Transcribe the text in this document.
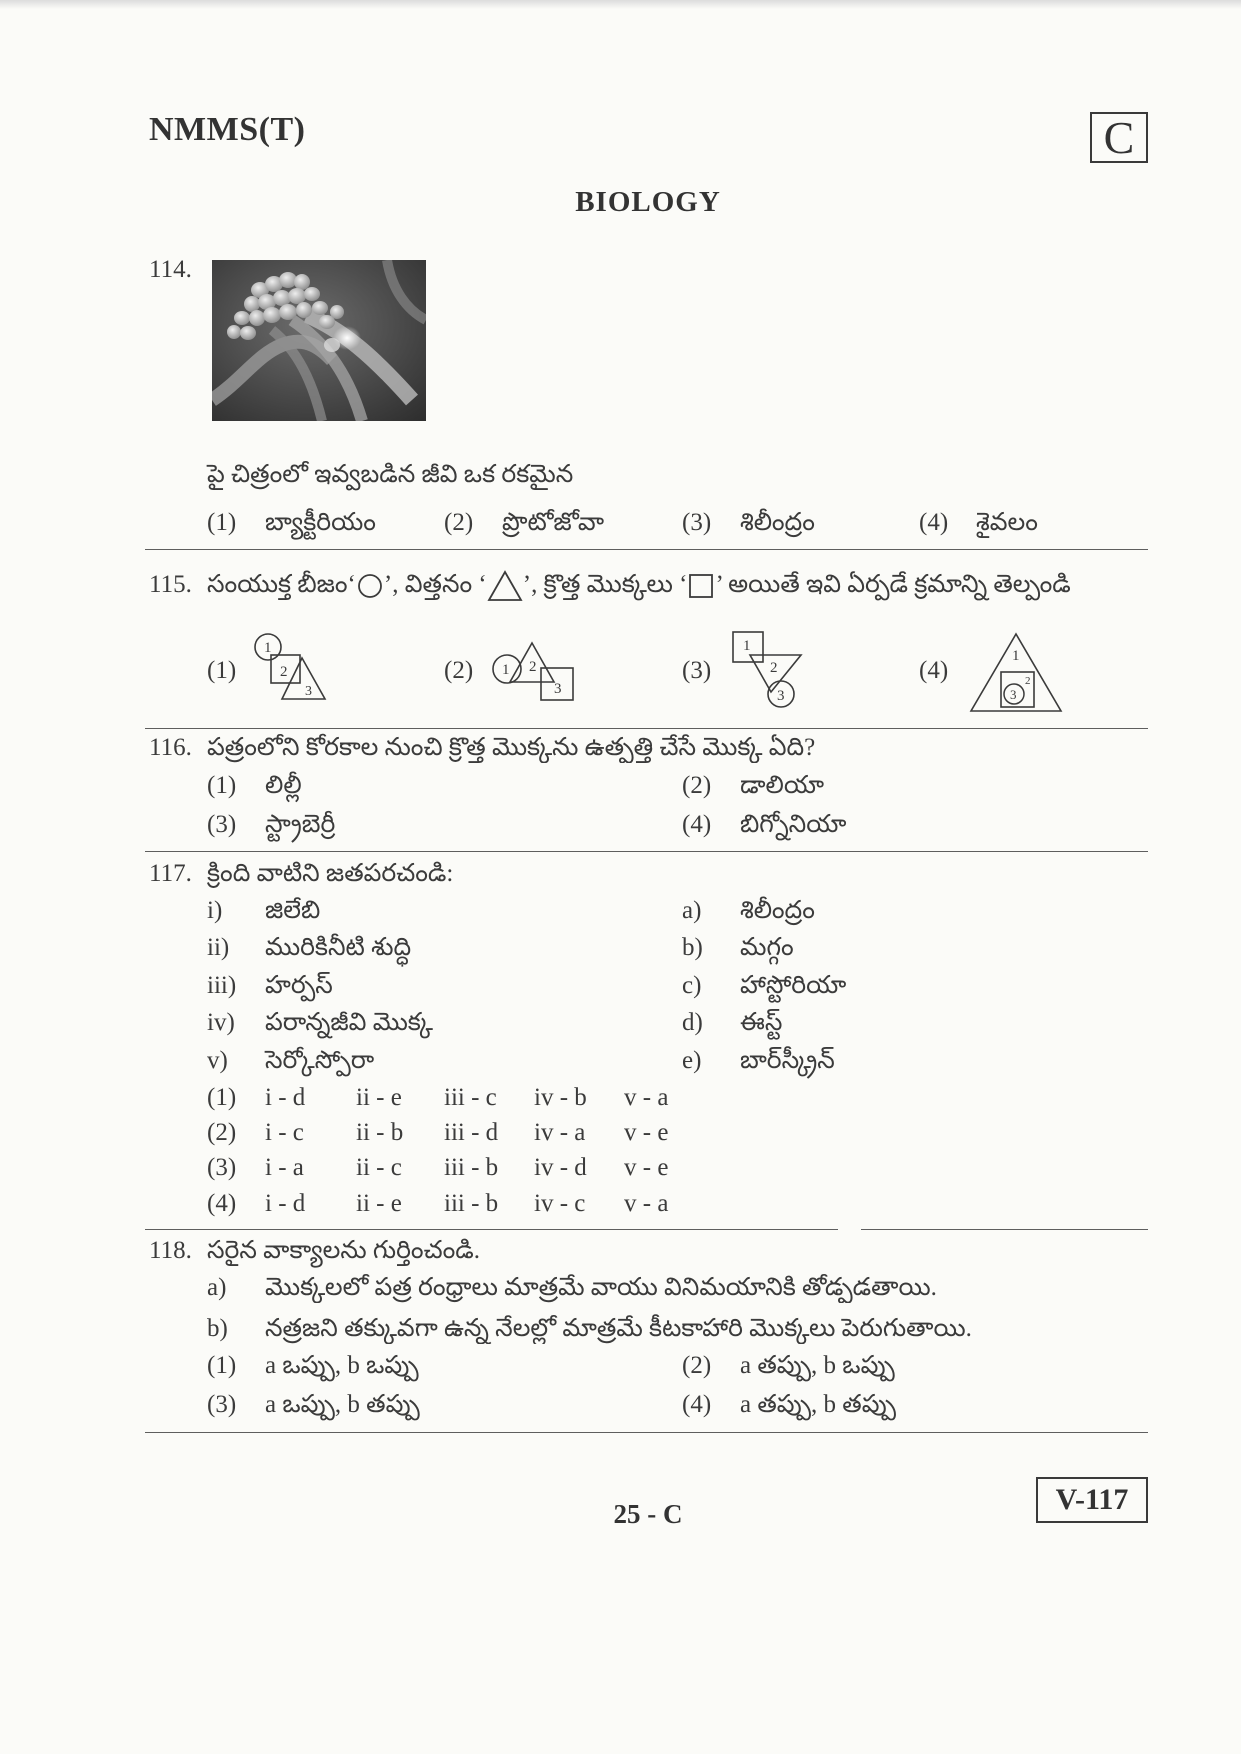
NMMS(T)	C
BIOLOGY
114.
పై చిత్రంలో ఇవ్వబడిన జీవి ఒక రకమైన
(1) బ్యాక్టీరియం	(2) ప్రొటోజోవా	(3) శిలీంద్రం	(4) శైవలం
115. సంయుక్త బీజం‘ ’, విత్తనం ‘ ’, క్రొత్త మొక్కలు ‘ ’ అయితే ఇవి ఏర్పడే క్రమాన్ని తెల్పండి
(1)
1
2
3
(2) 1 2
3
(3)
1
2
3
(4)
1
2
3
116. పత్రంలోని కోరకాల నుంచి క్రొత్త మొక్కను ఉత్పత్తి చేసే మొక్క ఏది?
(1) లిల్లీ	(2) డాలియా
(3) స్ట్రాబెర్రీ	(4) బిగ్నోనియా
117. క్రింది వాటిని జతపరచండి:
i) జిలేబి	a) శిలీంద్రం
ii) మురికినీటి శుద్ధి	b) మగ్గం
iii) హర్పస్	c) హాస్టోరియా
iv) పరాన్నజీవి మొక్క	d) ఈస్ట్
v) సెర్కోస్పోరా	e) బార్‌స్క్రీన్
(1) i - d ii - e iii - c iv - b v - a
(2) i - c ii - b iii - d iv - a v - e
(3) i - a ii - c iii - b iv - d v - e
(4) i - d ii - e iii - b iv - c v - a
118. సరైన వాక్యాలను గుర్తించండి.
a) మొక్కలలో పత్ర రంధ్రాలు మాత్రమే వాయు వినిమయానికి తోడ్పడతాయి.
b) నత్రజని తక్కువగా ఉన్న నేలల్లో మాత్రమే కీటకాహారి మొక్కలు పెరుగుతాయి.
(1) a ఒప్పు, b ఒప్పు	(2) a తప్పు, b ఒప్పు
(3) a ఒప్పు, b తప్పు	(4) a తప్పు, b తప్పు
25 - C	V-117
